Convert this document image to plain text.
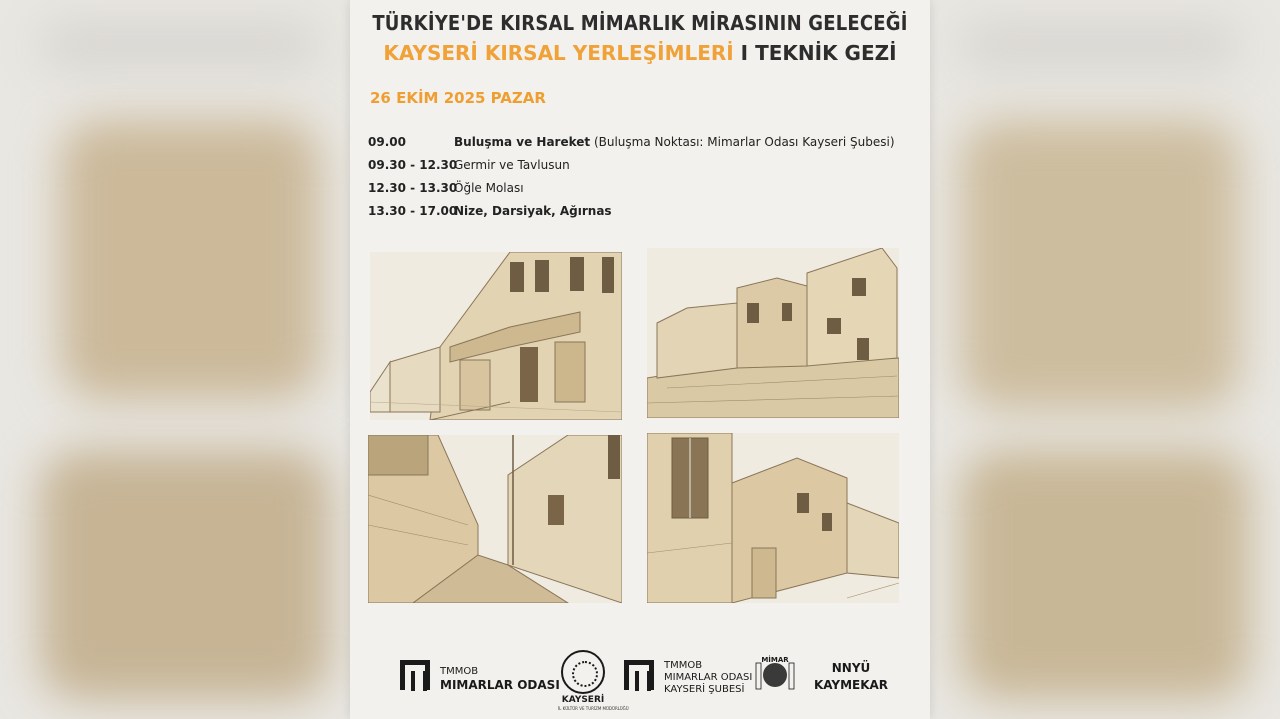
TÜRKİYE'DE KIRSAL MİMARLIK MİRASININ GELECEĞİ
KAYSERİ KIRSAL YERLEŞİMLERİ I TEKNİK GEZİ
26 EKİM 2025 PAZAR
09.00	Buluşma ve Hareket (Buluşma Noktası: Mimarlar Odası Kayseri Şubesi)
09.30 - 12.30
Germir ve Tavlusun
12.30 - 13.30
Öğle Molası
13.30 - 17.00
Nize, Darsiyak, Ağırnas
TMMOB
MIMARLAR ODASI
KAYSERİ
İL KÜLTÜR VE TURİZM MÜDÜRLÜĞÜ
TMMOB
MIMARLAR ODASI
KAYSERİ ŞUBESİ
MİMAR
NNYÜ
KAYMEKAR
